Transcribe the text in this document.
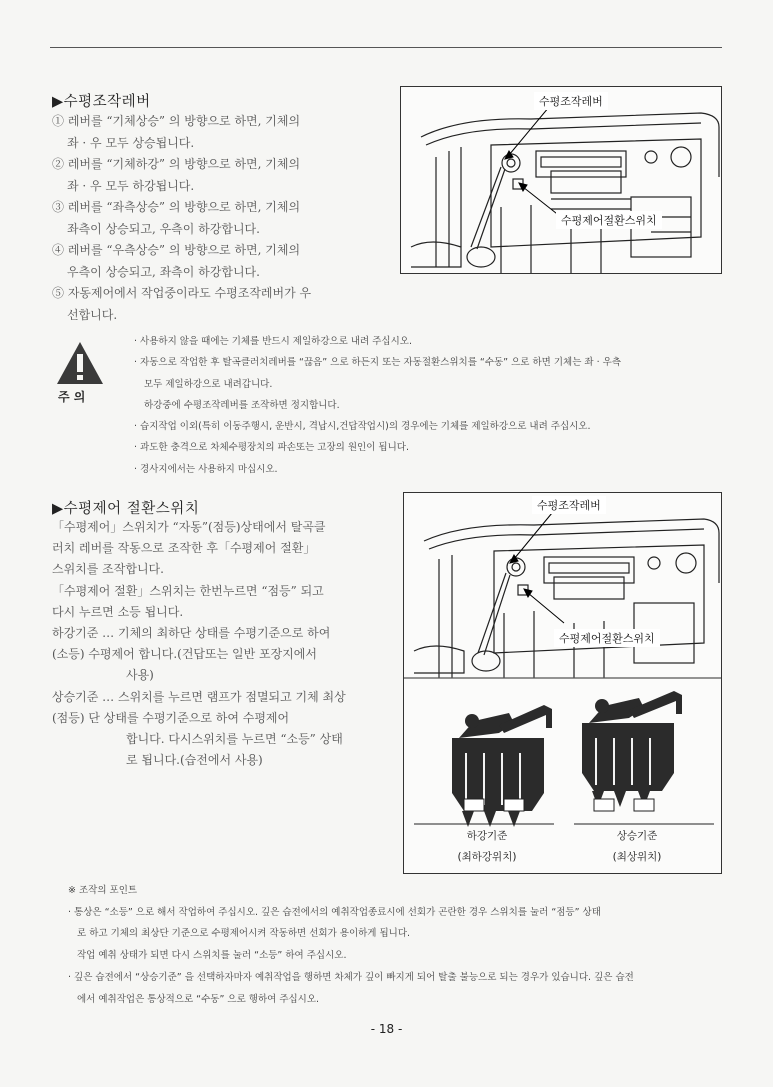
▶수평조작레버
① 레버를 “기체상승” 의 방향으로 하면, 기체의
좌 · 우 모두 상승됩니다.
② 레버를 “기체하강” 의 방향으로 하면, 기체의
좌 · 우 모두 하강됩니다.
③ 레버를 “좌측상승” 의 방향으로 하면, 기체의
좌측이 상승되고, 우측이 하강합니다.
④ 레버를 “우측상승” 의 방향으로 하면, 기체의
우측이 상승되고, 좌측이 하강합니다.
⑤ 자동제어에서 작업중이라도 수평조작레버가 우
선합니다.
수평조작레버
수평제어절환스위치
주 의
· 사용하지 않을 때에는 기체를 반드시 제일하강으로 내려 주십시오.
· 자동으로 작업한 후 탈곡클러치레버를 “끊음” 으로 하든지 또는 자동절환스위치를 “수동” 으로 하면 기체는 좌 · 우측
모두 제일하강으로 내려갑니다.
하강중에 수평조작레버를 조작하면 정지합니다.
· 습지작업 이외(특히 이동주행시, 운반시, 격납시,건답작업시)의 경우에는 기체를 제일하강으로 내려 주십시오.
· 과도한 충격으로 차체수평장치의 파손또는 고장의 원인이 됩니다.
· 경사지에서는 사용하지 마십시오.
▶수평제어 절환스위치
「수평제어」스위치가 “자동”(점등)상태에서 탈곡클
러치 레버를 작동으로 조작한 후「수평제어 절환」
스위치를 조작합니다.
「수평제어 절환」스위치는 한번누르면 “점등” 되고
다시 누르면 소등 됩니다.
하강기준 … 기체의 최하단 상태를 수평기준으로 하여
(소등) 수평제어 합니다.(건답또는 일반 포장지에서
사용)
상승기준 … 스위치를 누르면 램프가 점멸되고 기체 최상
(점등) 단 상태를 수평기준으로 하여 수평제어
합니다. 다시스위치를 누르면 “소등” 상태
로 됩니다.(습전에서 사용)
수평조작레버
수평제어절환스위치
하강기준
(최하강위치)
상승기준
(최상위치)
※ 조작의 포인트
· 통상은 “소등” 으로 해서 작업하여 주십시오. 깊은 습전에서의 예취작업종료시에 선회가 곤란한 경우 스위치를 눌러 “점등” 상태
로 하고 기체의 최상단 기준으로 수평제어시켜 작동하면 선회가 용이하게 됩니다.
작업 예취 상태가 되면 다시 스위치를 눌러 “소등” 하여 주십시오.
· 깊은 습전에서 “상승기준” 을 선택하자마자 예취작업을 행하면 차체가 깊이 빠지게 되어 탈출 불능으로 되는 경우가 있습니다. 깊은 습전
에서 예취작업은 통상적으로 “수동” 으로 행하여 주십시오.
- 18 -
